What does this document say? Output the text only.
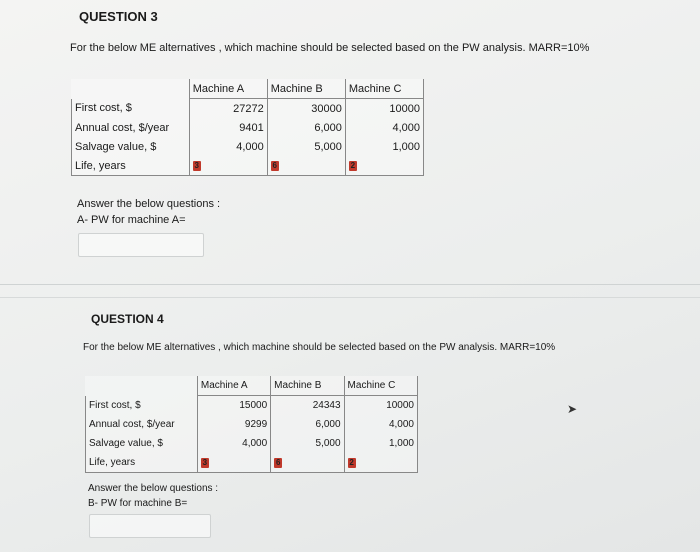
QUESTION 3
For the below ME alternatives , which machine should be selected based on the PW analysis. MARR=10%
	Machine A	Machine B	Machine C
First cost, $	27272	30000	10000
Annual cost, $/year	9401	6,000	4,000
Salvage value, $	4,000	5,000	1,000
Life, years	3	6	2
Answer the below questions :
A- PW for machine A=
QUESTION 4
For the below ME alternatives , which machine should be selected based on the PW analysis. MARR=10%
	Machine A	Machine B	Machine C
First cost, $	15000	24343	10000
Annual cost, $/year	9299	6,000	4,000
Salvage value, $	4,000	5,000	1,000
Life, years	3	6	2
➤
Answer the below questions :
B- PW for machine B=
